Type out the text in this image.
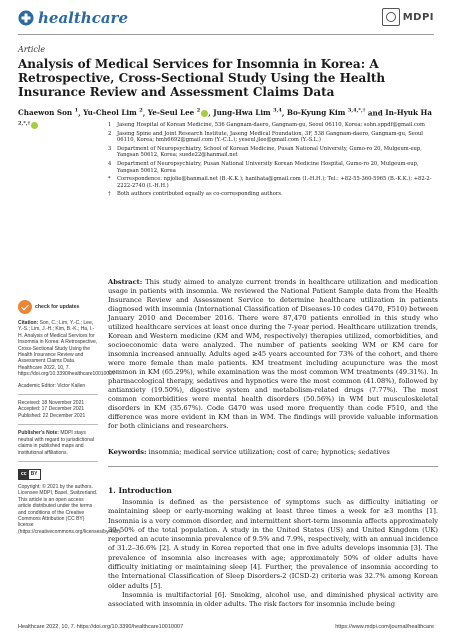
healthcare	MDPI
Article
Analysis of Medical Services for Insomnia in Korea: A Retrospective, Cross-Sectional Study Using the Health Insurance Review and Assessment Claims Data
Chaewon Son $^1$, Yu-Cheol Lim $^2$, Ye-Seul Lee $^2$ , Jung-Hwa Lim $^{3,4}$, Bo-Kyung Kim $^{3,4,*,\dagger}$ and In-Hyuk Ha $^{2,*,\dagger}$	1	Jaseng Hospital of Korean Medicine, 536 Gangnam-daero, Gangnam-gu, Seoul 06110, Korea; sohn.sppdf@gmail.com
2	Jaseng Spine and Joint Research Institute, Jaseng Medical Foundation, 3F, 538 Gangnam-daero, Gangnam-gu, Seoul 06110, Korea; hmh6692@gmail.com (Y.-C.L.); yeseul.jlee@gmail.com (Y.-S.L.)
3	Department of Neuropsychiatry, School of Korean Medicine, Pusan National University, Gumo-ro 20, Mulgeum-eup, Yangsan 50612, Korea; suede22@hanmail.net
4	Department of Neuropsychiatry, Pusan National University Korean Medicine Hospital, Gumo-ro 20, Mulgeum-eup, Yangsan 50612, Korea
*	Correspondence: npjolie@hanmail.net (B.-K.K.); hanihata@gmail.com (I.-H.H.); Tel.: +82-55-360-5965 (B.-K.K.); +82-2-2222-2740 (I.-H.H.)
†	Both authors contributed equally as co-corresponding authors.
check for updates
Citation: Son, C.; Lim, Y.-C.; Lee, Y.-S.; Lim, J.-H.; Kim, B.-K.; Ha, I.-H. Analysis of Medical Services for Insomnia in Korea: A Retrospective, Cross-Sectional Study Using the Health Insurance Review and Assessment Claims Data. Healthcare 2022, 10, 7. https://doi.org/10.3390/healthcare10010007
Academic Editor: Victor Kallen
Received: 18 November 2021
Accepted: 17 December 2021
Published: 22 December 2021
Publisher's Note: MDPI stays neutral with regard to jurisdictional claims in published maps and institutional affiliations.
cc BY
Copyright: © 2021 by the authors. Licensee MDPI, Basel, Switzerland. This article is an open access article distributed under the terms and conditions of the Creative Commons Attribution (CC BY) license (https://creativecommons.org/licenses/by/4.0/).
Abstract: This study aimed to analyze current trends in healthcare utilization and medication usage in patients with insomnia. We reviewed the National Patient Sample data from the Health Insurance Review and Assessment Service to determine healthcare utilization in patients diagnosed with insomnia (International Classification of Diseases-10 codes G470, F510) between January 2010 and December 2016. There were 87,470 patients enrolled in this study who utilized healthcare services at least once during the 7-year period. Healthcare utilization trends, Korean and Western medicine (KM and WM, respectively) therapies utilized, comorbidities, and socioeconomic data were analyzed. The number of patients seeking WM or KM care for insomnia increased annually. Adults aged ≥45 years accounted for 73% of the cohort, and there were more female than male patients. KM treatment including acupuncture was the most common in KM (65.29%), while examination was the most common WM treatments (49.31%). In pharmacological therapy, sedatives and hypnotics were the most common (41.08%), followed by antianxiety (19.50%), digestive system and metabolism-related drugs (7.77%). The most common comorbidities were mental health disorders (50.56%) in WM but musculoskeletal disorders in KM (35.67%). Code G470 was used more frequently than code F510, and the difference was more evident in KM than in WM. The findings will provide valuable information for both clinicians and researchers.
Keywords: insomnia; medical service utilization; cost of care; hypnotics; sedatives
1. Introduction

Insomnia is defined as the persistence of symptoms such as difficulty initiating or maintaining sleep or early-morning waking at least three times a week for ≥3 months [1]. Insomnia is a very common disorder, and intermittent short-term insomnia affects approximately 30–50% of the total population. A study in the United States (US) and United Kingdom (UK) reported an acute insomnia prevalence of 9.5% and 7.9%, respectively, with an annual incidence of 31.2–36.6% [2]. A study in Korea reported that one in five adults develops insomnia [3]. The prevalence of insomnia also increases with age; approximately 50% of older adults have difficulty initiating or maintaining sleep [4]. Further, the prevalence of insomnia according to the International Classification of Sleep Disorders-2 (ICSD-2) criteria was 32.7% among Korean older adults [5].

Insomnia is multifactorial [6]. Smoking, alcohol use, and diminished physical activity are associated with insomnia in older adults. The risk factors for insomnia include being

Healthcare 2022, 10, 7. https://doi.org/10.3390/healthcare10010007	https://www.mdpi.com/journal/healthcare
